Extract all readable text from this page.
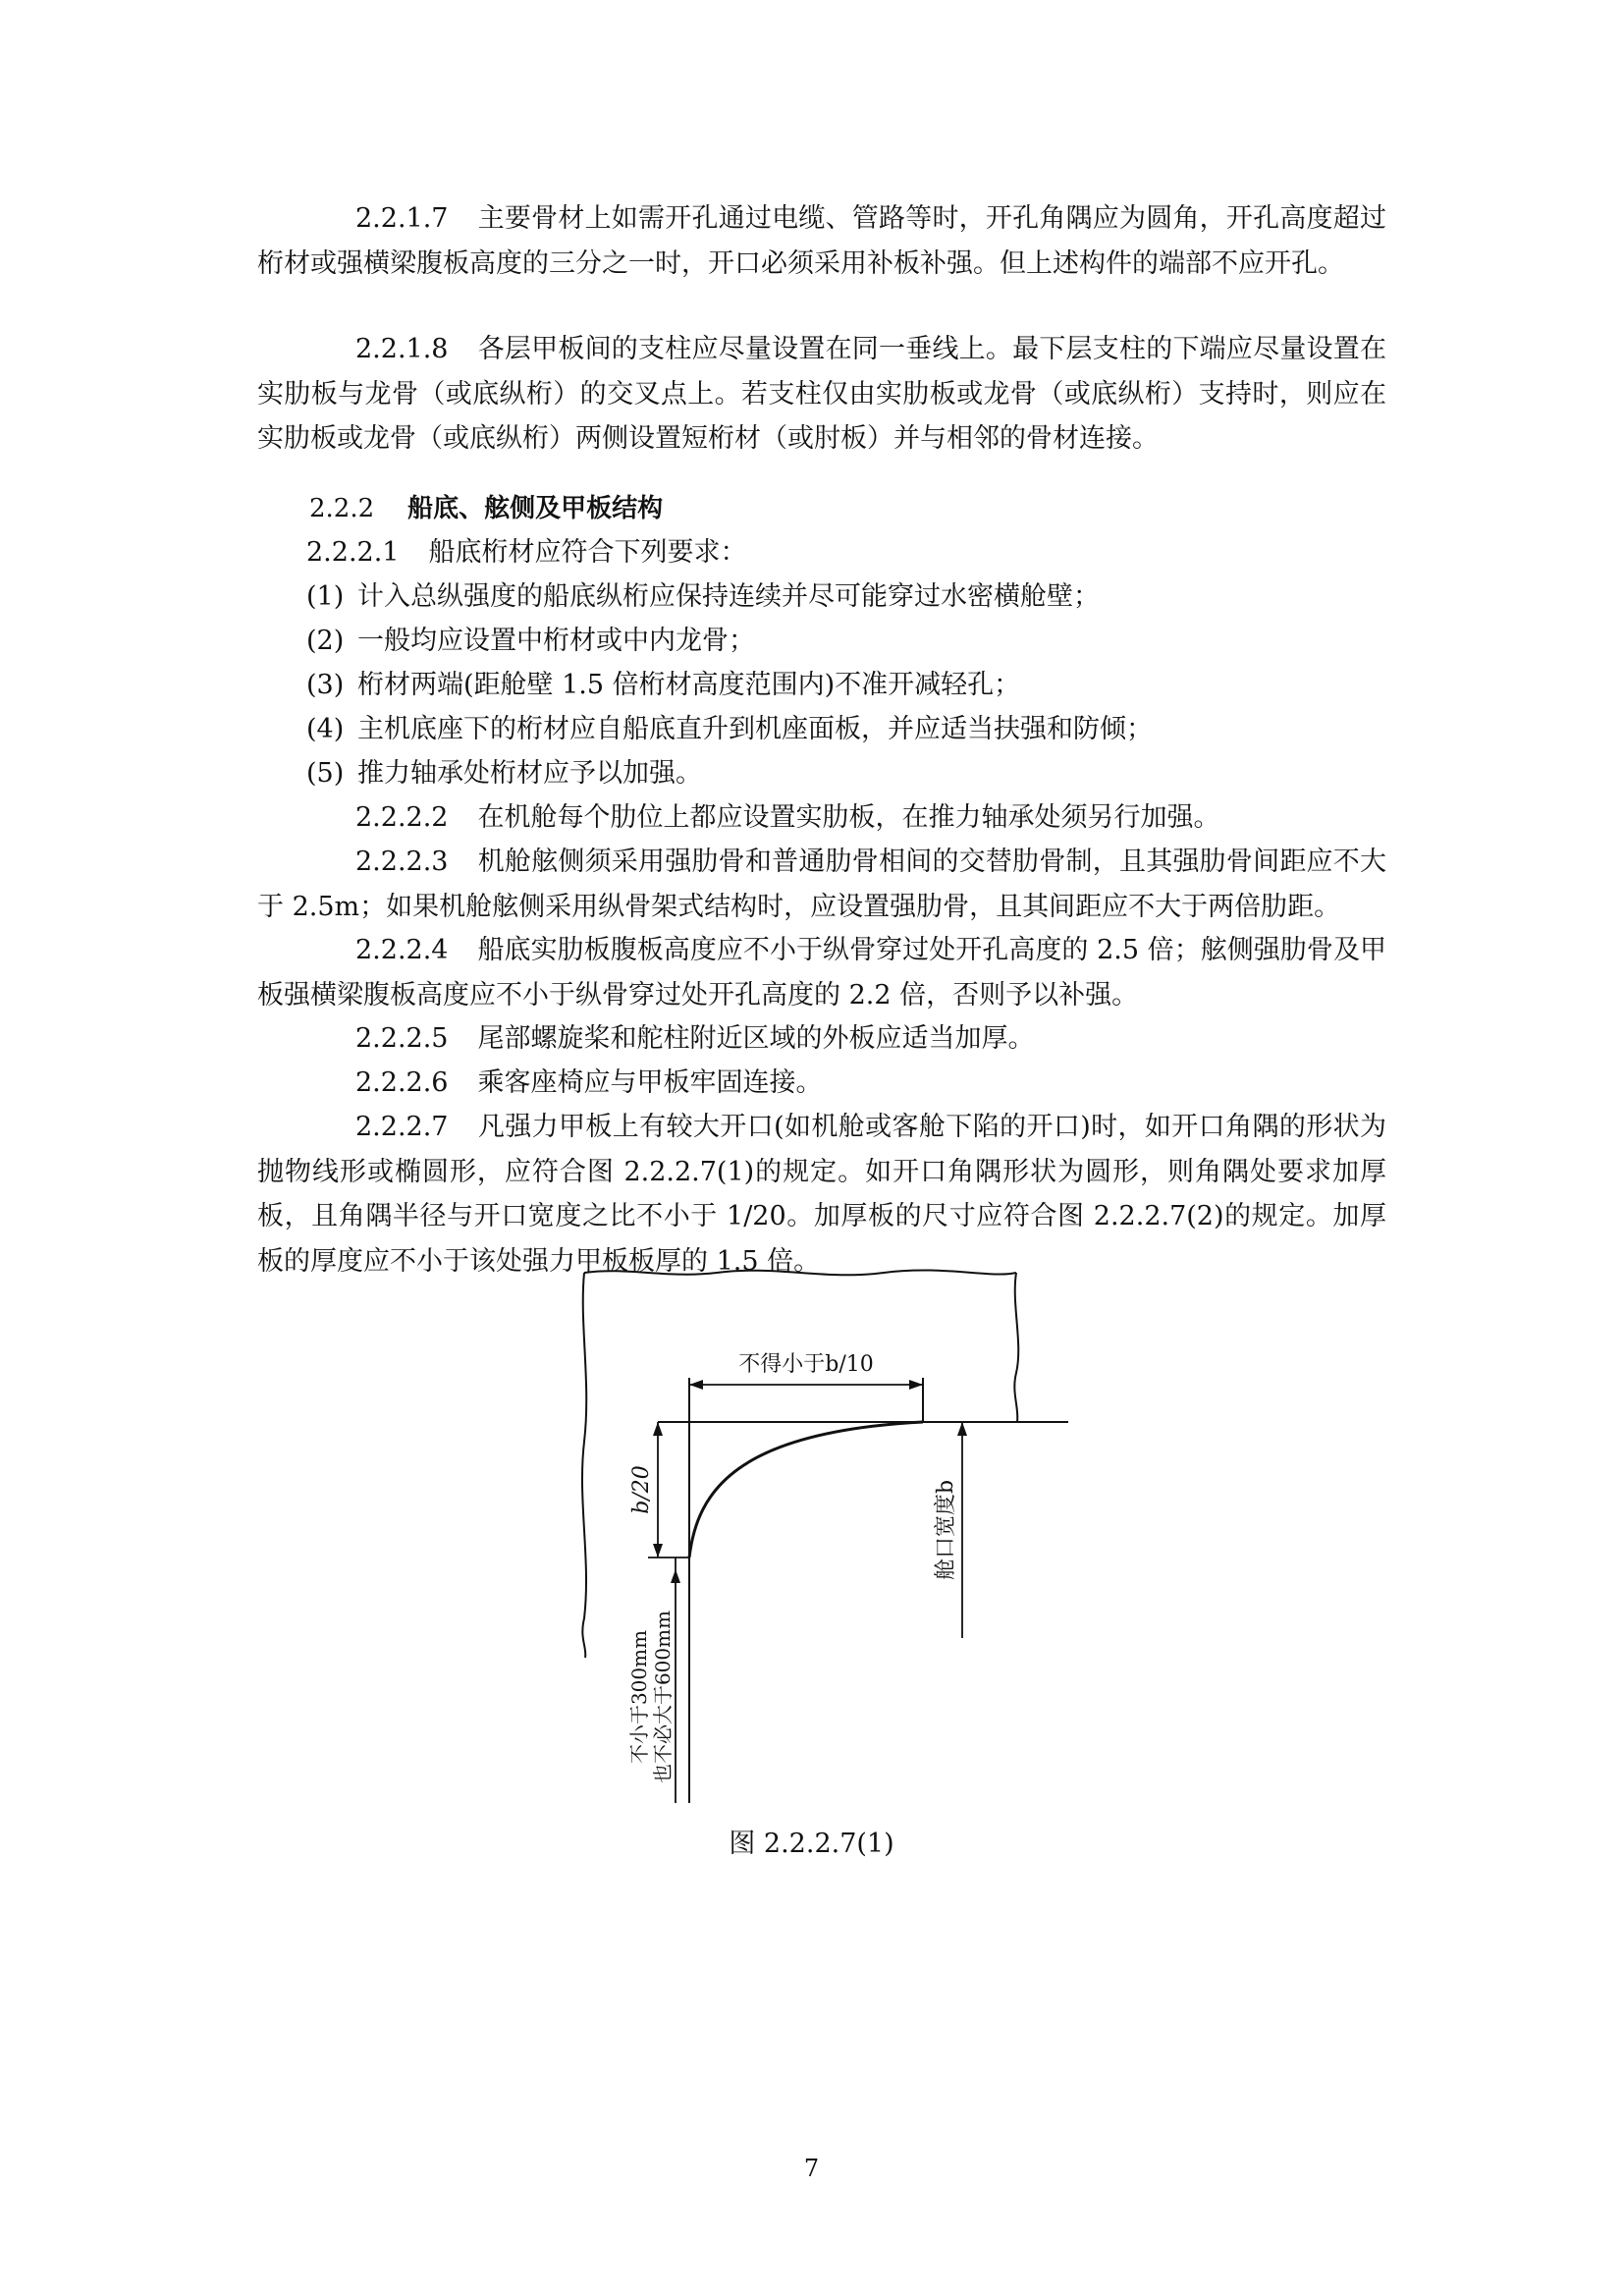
2.2.1.7 主要骨材上如需开孔通过电缆、管路等时，开孔角隅应为圆角，开孔高度超过桁材或强横梁腹板高度的三分之一时，开口必须采用补板补强。但上述构件的端部不应开孔。
2.2.1.8 各层甲板间的支柱应尽量设置在同一垂线上。最下层支柱的下端应尽量设置在实肋板与龙骨（或底纵桁）的交叉点上。若支柱仅由实肋板或龙骨（或底纵桁）支持时，则应在实肋板或龙骨（或底纵桁）两侧设置短桁材（或肘板）并与相邻的骨材连接。
2.2.2 船底、舷侧及甲板结构
2.2.2.1 船底桁材应符合下列要求：
(1) 计入总纵强度的船底纵桁应保持连续并尽可能穿过水密横舱壁；
(2) 一般均应设置中桁材或中内龙骨；
(3) 桁材两端(距舱壁 1.5 倍桁材高度范围内)不准开减轻孔；
(4) 主机底座下的桁材应自船底直升到机座面板，并应适当扶强和防倾；
(5) 推力轴承处桁材应予以加强。
2.2.2.2 在机舱每个肋位上都应设置实肋板，在推力轴承处须另行加强。
2.2.2.3 机舱舷侧须采用强肋骨和普通肋骨相间的交替肋骨制，且其强肋骨间距应不大于 2.5m；如果机舱舷侧采用纵骨架式结构时，应设置强肋骨，且其间距应不大于两倍肋距。
2.2.2.4 船底实肋板腹板高度应不小于纵骨穿过处开孔高度的 2.5 倍；舷侧强肋骨及甲板强横梁腹板高度应不小于纵骨穿过处开孔高度的 2.2 倍，否则予以补强。
2.2.2.5 尾部螺旋桨和舵柱附近区域的外板应适当加厚。
2.2.2.6 乘客座椅应与甲板牢固连接。
2.2.2.7 凡强力甲板上有较大开口(如机舱或客舱下陷的开口)时，如开口角隅的形状为抛物线形或椭圆形，应符合图 2.2.2.7(1)的规定。如开口角隅形状为圆形，则角隅处要求加厚板，且角隅半径与开口宽度之比不小于 1/20。加厚板的尺寸应符合图 2.2.2.7(2)的规定。加厚板的厚度应不小于该处强力甲板板厚的 1.5 倍。
不得小于b/10
b/20	舱口宽度b
不小于300mm 也不必大于600mm
图 2.2.2.7(1)
7
